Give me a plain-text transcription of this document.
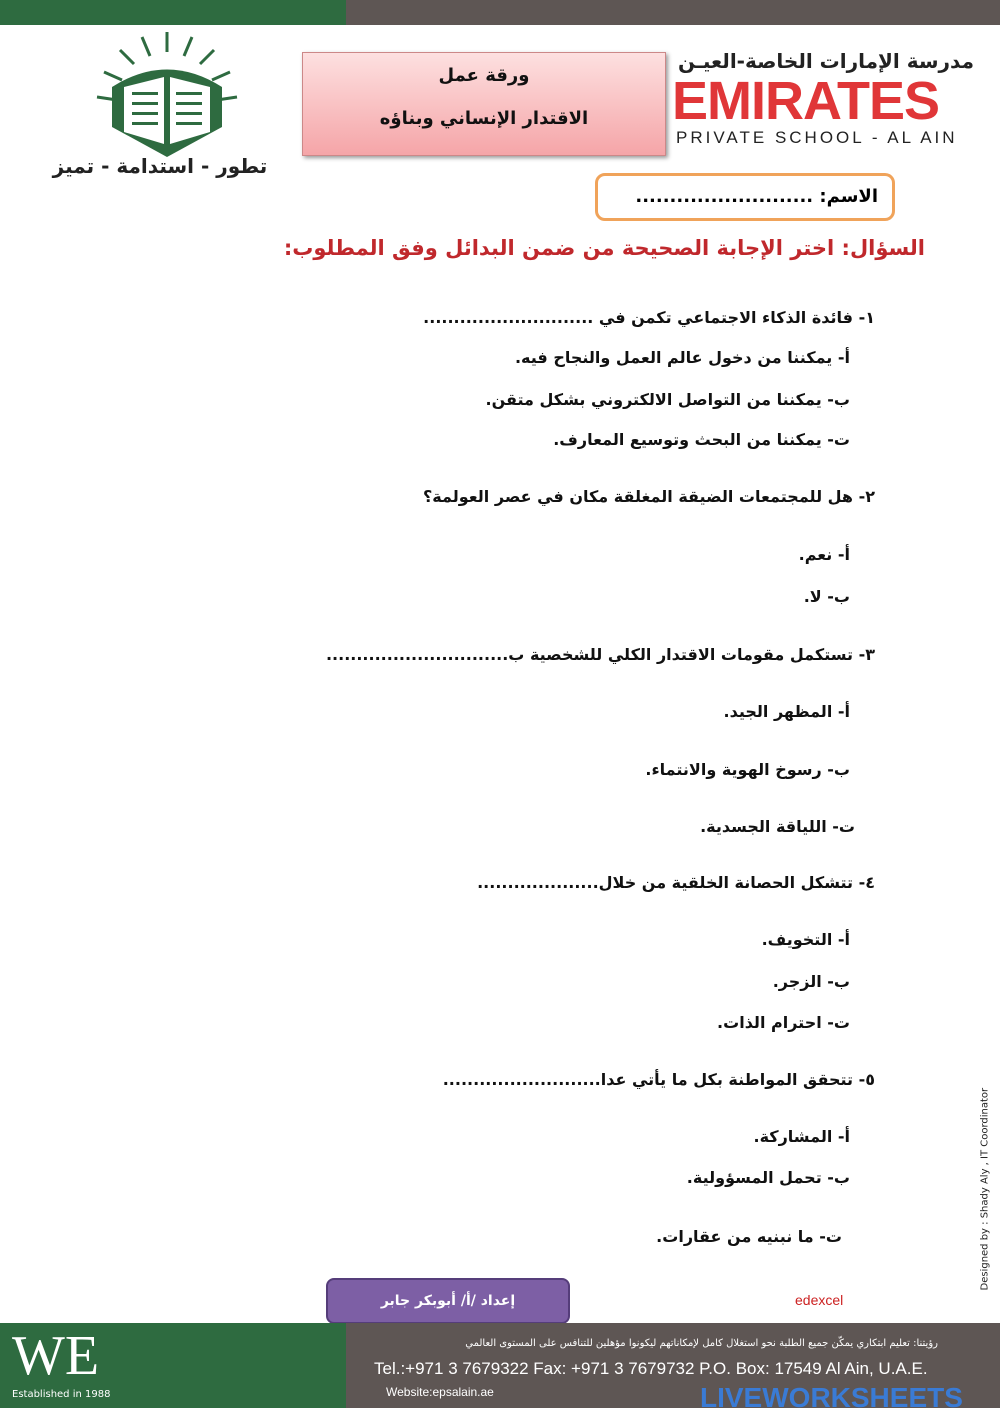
تطور - استدامة - تميز
ورقة عمل
الاقتدار الإنساني وبناؤه
مدرسة الإمارات الخاصة-العيـن
EMIRATES
PRIVATE SCHOOL - AL AIN
الاسم: ..........................
السؤال: اختر الإجابة الصحيحة من ضمن البدائل وفق المطلوب:
١- فائدة الذكاء الاجتماعي تكمن في ............................
أ- يمكننا من دخول عالم العمل والنجاح فيه.
ب- يمكننا من التواصل الالكتروني بشكل متقن.
ت- يمكننا من البحث وتوسيع المعارف.
٢- هل للمجتمعات الضيقة المغلقة مكان في عصر العولمة؟
أ- نعم.
ب- لا.
٣- تستكمل مقومات الاقتدار الكلي للشخصية ب..............................
أ- المظهر الجيد.
ب- رسوخ الهوية والانتماء.
ت- اللياقة الجسدية.
٤- تتشكل الحصانة الخلقية من خلال....................
أ- التخويف.
ب- الزجر.
ت- احترام الذات.
٥- تتحقق المواطنة بكل ما يأتي عدا..........................
أ- المشاركة.
ب- تحمل المسؤولية.
ت- ما نبنيه من عقارات.	Designed by : Shady Aly , IT Coordinator
إعداد /أ/ أبوبكر جابر	edexcel
WE
Established in 1988
رؤيتنا: تعليم ابتكاري يمكّن جميع الطلبة نحو استغلال كامل لإمكاناتهم ليكونوا مؤهلين للتنافس على المستوى العالمي
Tel.:+971 3 7679322 Fax: +971 3 7679732 P.O. Box: 17549 Al Ain, U.A.E.
Website:epsalain.ae	LIVEWORKSHEETS
